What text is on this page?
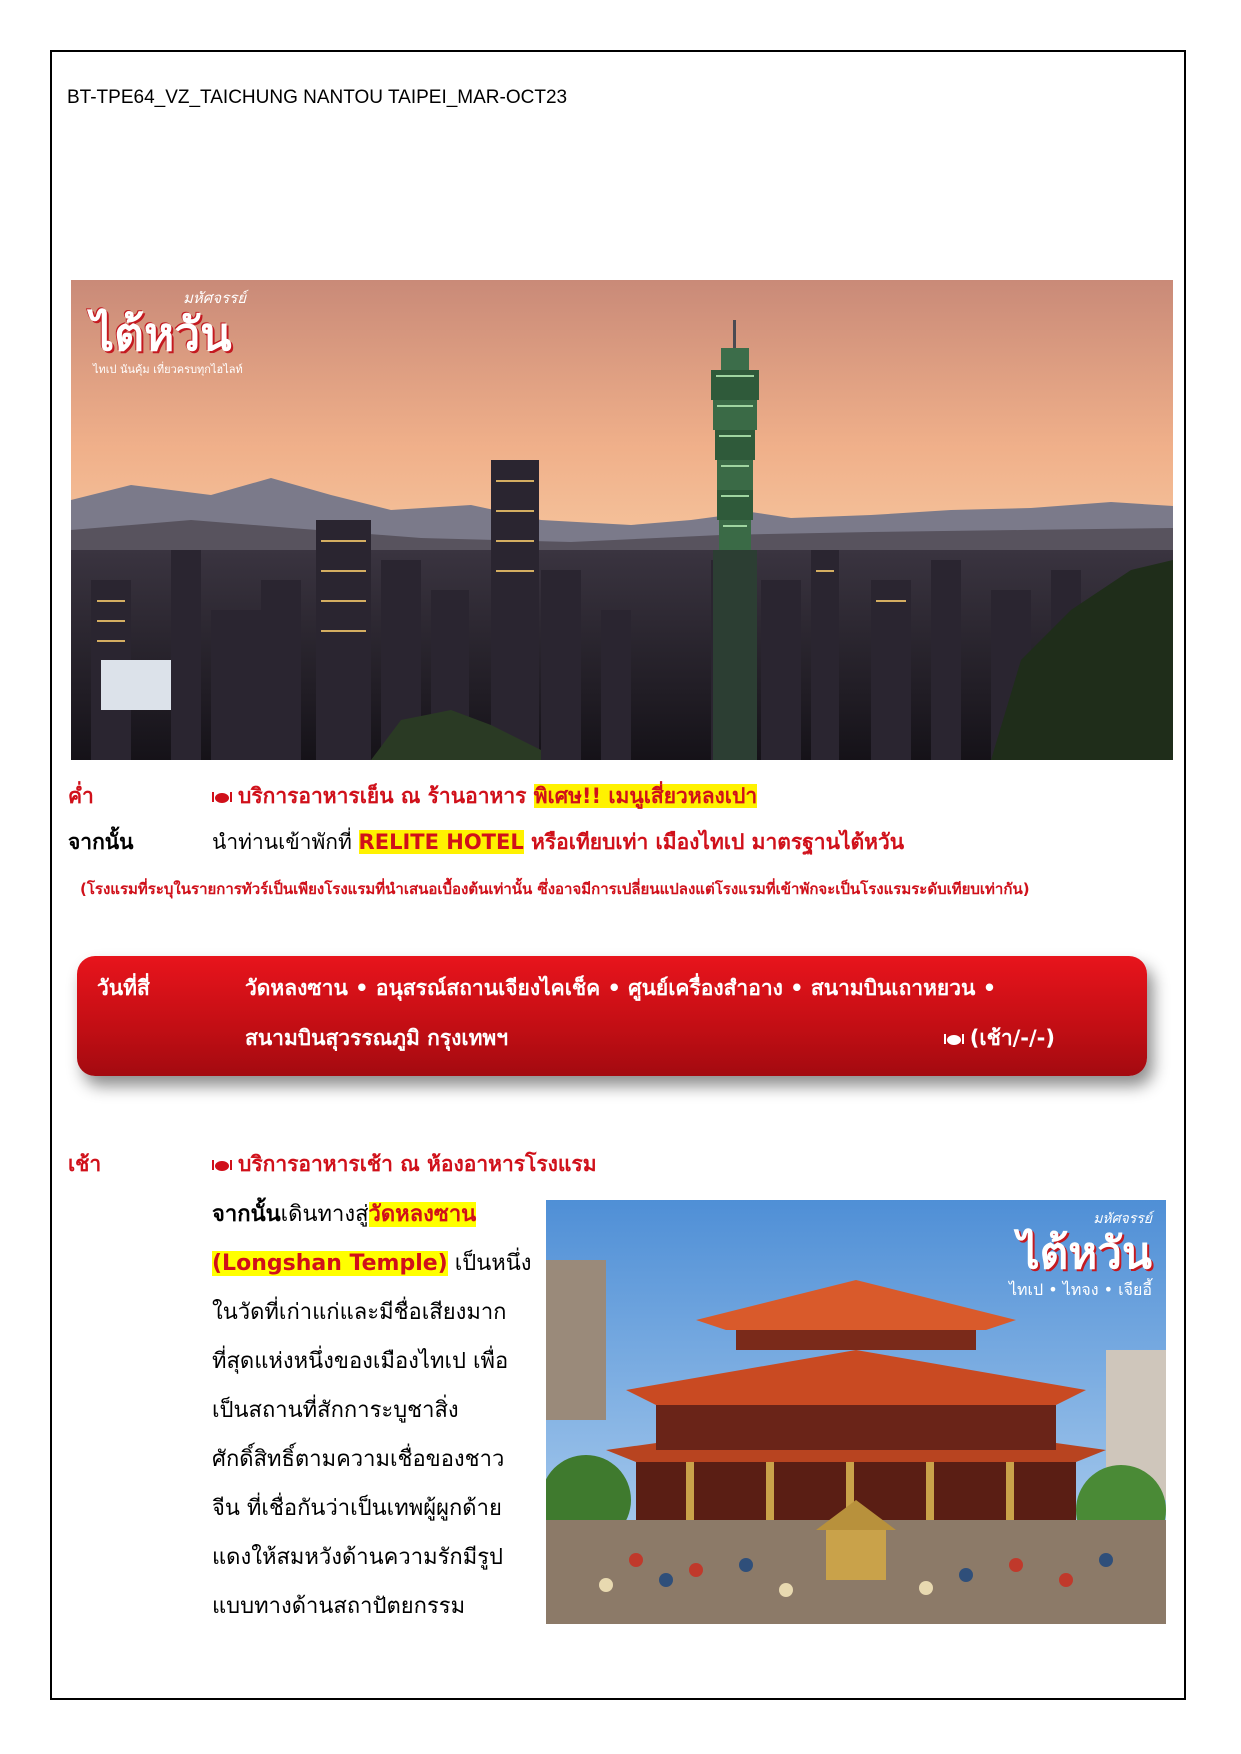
BT-TPE64_VZ_TAICHUNG NANTOU TAIPEI_MAR-OCT23
มหัศจรรย์
ไต้หวัน
ไทเป นันคุ้ม เที่ยวครบทุกไฮไลท์
ค่ำ	บริการอาหารเย็น ณ ร้านอาหาร พิเศษ!! เมนูเสี่ยวหลงเปา
จากนั้น	นำท่านเข้าพักที่ RELITE HOTEL หรือเทียบเท่า เมืองไทเป มาตรฐานไต้หวัน
(โรงแรมที่ระบุในรายการทัวร์เป็นเพียงโรงแรมที่นำเสนอเบื้องต้นเท่านั้น ซึ่งอาจมีการเปลี่ยนแปลงแต่โรงแรมที่เข้าพักจะเป็นโรงแรมระดับเทียบเท่ากัน)
วันที่สี่	วัดหลงซาน • อนุสรณ์สถานเจียงไคเช็ค • ศูนย์เครื่องสำอาง • สนามบินเถาหยวน •
สนามบินสุวรรณภูมิ กรุงเทพฯ	(เช้า/-/-)
เช้า	บริการอาหารเช้า ณ ห้องอาหารโรงแรม
จากนั้นเดินทางสู่วัดหลงซาน (Longshan Temple) เป็นหนึ่งในวัดที่เก่าแก่และมีชื่อเสียงมากที่สุดแห่งหนึ่งของเมืองไทเป เพื่อเป็นสถานที่สักการะบูชาสิ่งศักดิ์สิทธิ์ตามความเชื่อของชาวจีน ที่เชื่อกันว่าเป็นเทพผู้ผูกด้ายแดงให้สมหวังด้านความรักมีรูปแบบทางด้านสถาปัตยกรรม
มหัศจรรย์
ไต้หวัน
ไทเป • ไทจง • เจียอี้
